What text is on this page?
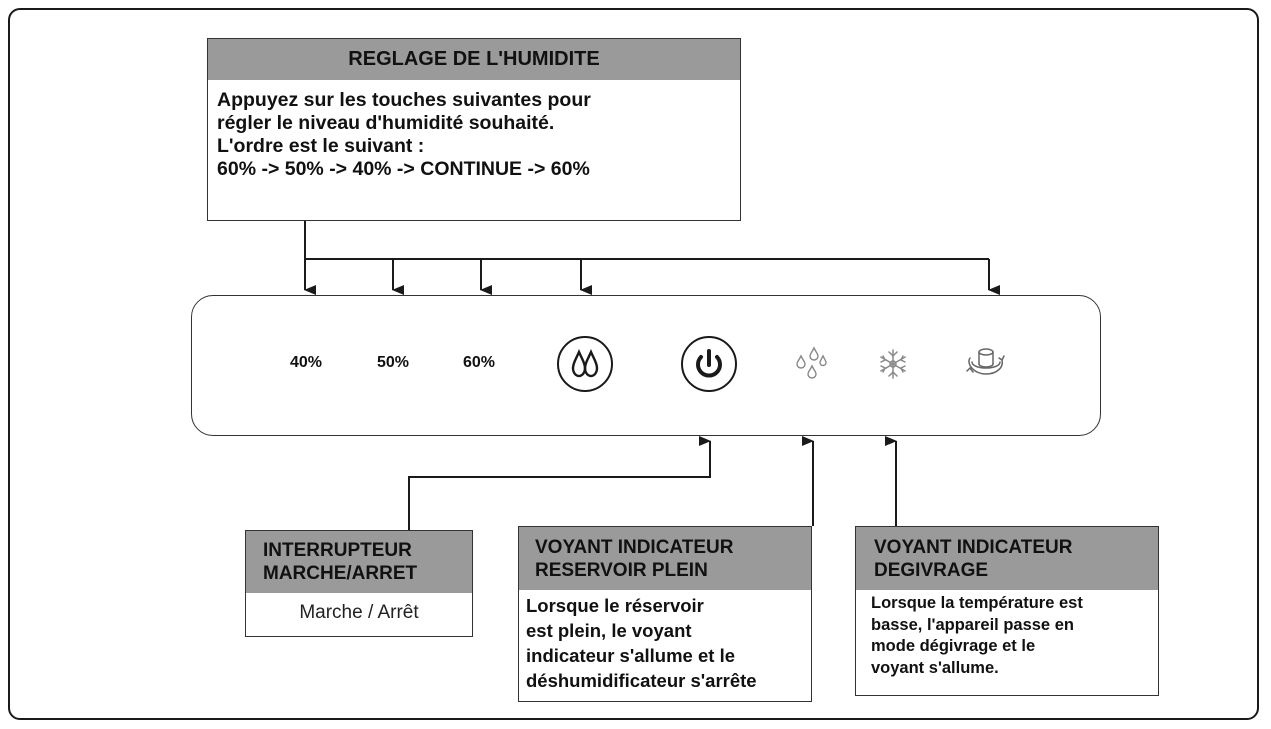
REGLAGE DE L'HUMIDITE
Appuyez sur les touches suivantes pour
régler le niveau d'humidité souhaité.
L'ordre est le suivant :
60% -> 50% -> 40% -> CONTINUE -> 60%
40%	50%	60%
INTERRUPTEUR
MARCHE/ARRET
Marche / Arrêt
VOYANT INDICATEUR
RESERVOIR PLEIN
Lorsque le réservoir
est plein, le voyant
indicateur s'allume et le
déshumidificateur s'arrête
VOYANT INDICATEUR
DEGIVRAGE
Lorsque la température est
basse, l'appareil passe en
mode dégivrage et le
voyant s'allume.
